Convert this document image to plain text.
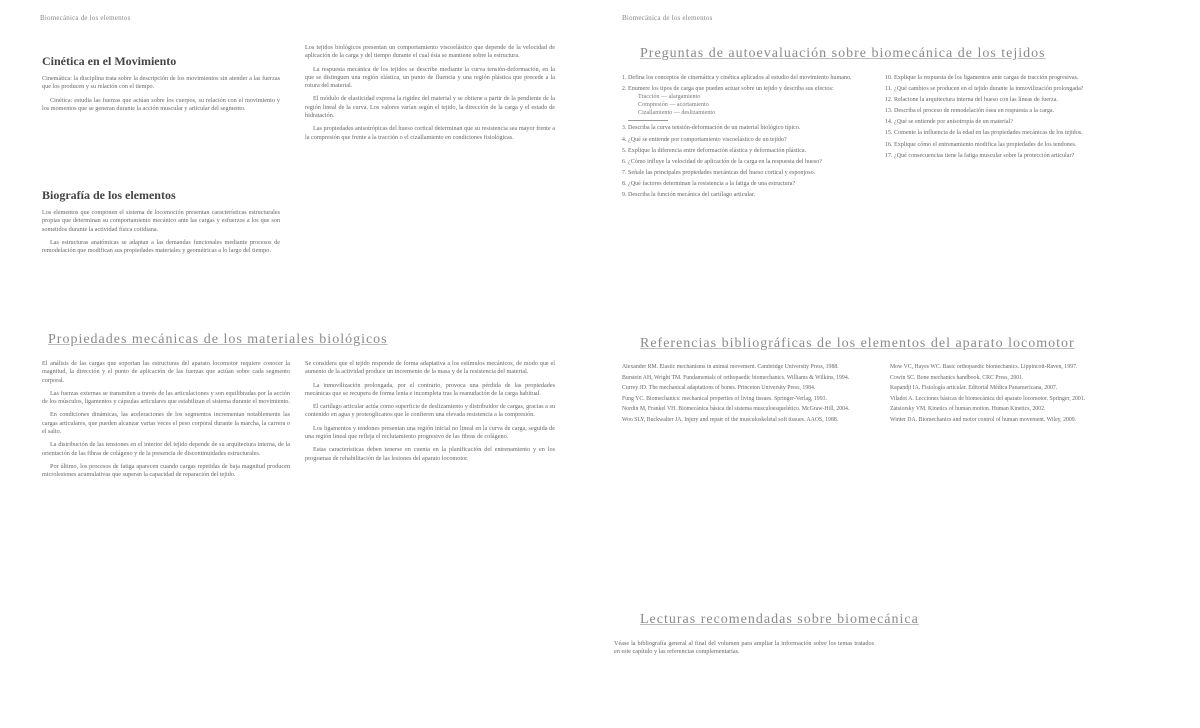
Biomecánica de los elementos
Cinética en el Movimiento

Cinemática: la disciplina trata sobre la descripción de los movimientos sin atender a las fuerzas que los producen y su relación con el tiempo.

Cinética: estudia las fuerzas que actúan sobre los cuerpos, su relación con el movimiento y los momentos que se generan durante la acción muscular y articular del segmento.

Biografía de los elementos

Los elementos que componen el sistema de locomoción presentan características estructurales propias que determinan su comportamiento mecánico ante las cargas y esfuerzos a los que son sometidos durante la actividad física cotidiana.

Las estructuras anatómicas se adaptan a las demandas funcionales mediante procesos de remodelación que modifican sus propiedades materiales y geométricas a lo largo del tiempo.

Los tejidos biológicos presentan un comportamiento viscoelástico que depende de la velocidad de aplicación de la carga y del tiempo durante el cual ésta se mantiene sobre la estructura.

La respuesta mecánica de los tejidos se describe mediante la curva tensión-deformación, en la que se distinguen una región elástica, un punto de fluencia y una región plástica que precede a la rotura del material.

El módulo de elasticidad expresa la rigidez del material y se obtiene a partir de la pendiente de la región lineal de la curva. Los valores varían según el tejido, la dirección de la carga y el estado de hidratación.

Las propiedades anisotrópicas del hueso cortical determinan que su resistencia sea mayor frente a la compresión que frente a la tracción o el cizallamiento en condiciones fisiológicas.

Propiedades mecánicas de los materiales biológicos

El análisis de las cargas que soportan las estructuras del aparato locomotor requiere conocer la magnitud, la dirección y el punto de aplicación de las fuerzas que actúan sobre cada segmento corporal.

Las fuerzas externas se transmiten a través de las articulaciones y son equilibradas por la acción de los músculos, ligamentos y cápsulas articulares que estabilizan el sistema durante el movimiento.

En condiciones dinámicas, las aceleraciones de los segmentos incrementan notablemente las cargas articulares, que pueden alcanzar varias veces el peso corporal durante la marcha, la carrera o el salto.

La distribución de las tensiones en el interior del tejido depende de su arquitectura interna, de la orientación de las fibras de colágeno y de la presencia de discontinuidades estructurales.

Por último, los procesos de fatiga aparecen cuando cargas repetidas de baja magnitud producen microlesiones acumulativas que superan la capacidad de reparación del tejido.

Se considera que el tejido responde de forma adaptativa a los estímulos mecánicos, de modo que el aumento de la actividad produce un incremento de la masa y de la resistencia del material.

La inmovilización prolongada, por el contrario, provoca una pérdida de las propiedades mecánicas que se recupera de forma lenta e incompleta tras la reanudación de la carga habitual.

El cartílago articular actúa como superficie de deslizamiento y distribuidor de cargas, gracias a su contenido en agua y proteoglicanos que le confieren una elevada resistencia a la compresión.

Los ligamentos y tendones presentan una región inicial no lineal en la curva de carga, seguida de una región lineal que refleja el reclutamiento progresivo de las fibras de colágeno.

Estas características deben tenerse en cuenta en la planificación del entrenamiento y en los programas de rehabilitación de las lesiones del aparato locomotor.

Biomecánica de los elementos
Preguntas de autoevaluación sobre biomecánica de los tejidos
1. Defina los conceptos de cinemática y cinética aplicados al estudio del movimiento humano.
2. Enumere los tipos de carga que pueden actuar sobre un tejido y describa sus efectos:
Tracción — alargamiento
Compresión — acortamiento
Cizallamiento — deslizamiento
3. Describa la curva tensión-deformación de un material biológico típico.
4. ¿Qué se entiende por comportamiento viscoelástico de un tejido?
5. Explique la diferencia entre deformación elástica y deformación plástica.
6. ¿Cómo influye la velocidad de aplicación de la carga en la respuesta del hueso?
7. Señale las principales propiedades mecánicas del hueso cortical y esponjoso.
8. ¿Qué factores determinan la resistencia a la fatiga de una estructura?
9. Describa la función mecánica del cartílago articular.
10. Explique la respuesta de los ligamentos ante cargas de tracción progresivas.
11. ¿Qué cambios se producen en el tejido durante la inmovilización prolongada?
12. Relacione la arquitectura interna del hueso con las líneas de fuerza.
13. Describa el proceso de remodelación ósea en respuesta a la carga.
14. ¿Qué se entiende por anisotropía de un material?
15. Comente la influencia de la edad en las propiedades mecánicas de los tejidos.
16. Explique cómo el entrenamiento modifica las propiedades de los tendones.
17. ¿Qué consecuencias tiene la fatiga muscular sobre la protección articular?
Referencias bibliográficas de los elementos del aparato locomotor

Alexander RM. Elastic mechanisms in animal movement. Cambridge University Press, 1988.

Burstein AH, Wright TM. Fundamentals of orthopaedic biomechanics. Williams & Wilkins, 1994.

Currey JD. The mechanical adaptations of bones. Princeton University Press, 1984.

Fung YC. Biomechanics: mechanical properties of living tissues. Springer-Verlag, 1993.

Nordin M, Frankel VH. Biomecánica básica del sistema musculoesquelético. McGraw-Hill, 2004.

Woo SLY, Buckwalter JA. Injury and repair of the musculoskeletal soft tissues. AAOS, 1988.

Mow VC, Hayes WC. Basic orthopaedic biomechanics. Lippincott-Raven, 1997.

Cowin SC. Bone mechanics handbook. CRC Press, 2001.

Kapandji IA. Fisiología articular. Editorial Médica Panamericana, 2007.

Viladot A. Lecciones básicas de biomecánica del aparato locomotor. Springer, 2001.

Zatsiorsky VM. Kinetics of human motion. Human Kinetics, 2002.

Winter DA. Biomechanics and motor control of human movement. Wiley, 2009.

Lecturas recomendadas sobre biomecánica

Véase la bibliografía general al final del volumen para ampliar la información sobre los temas tratados en este capítulo y las referencias complementarias.
